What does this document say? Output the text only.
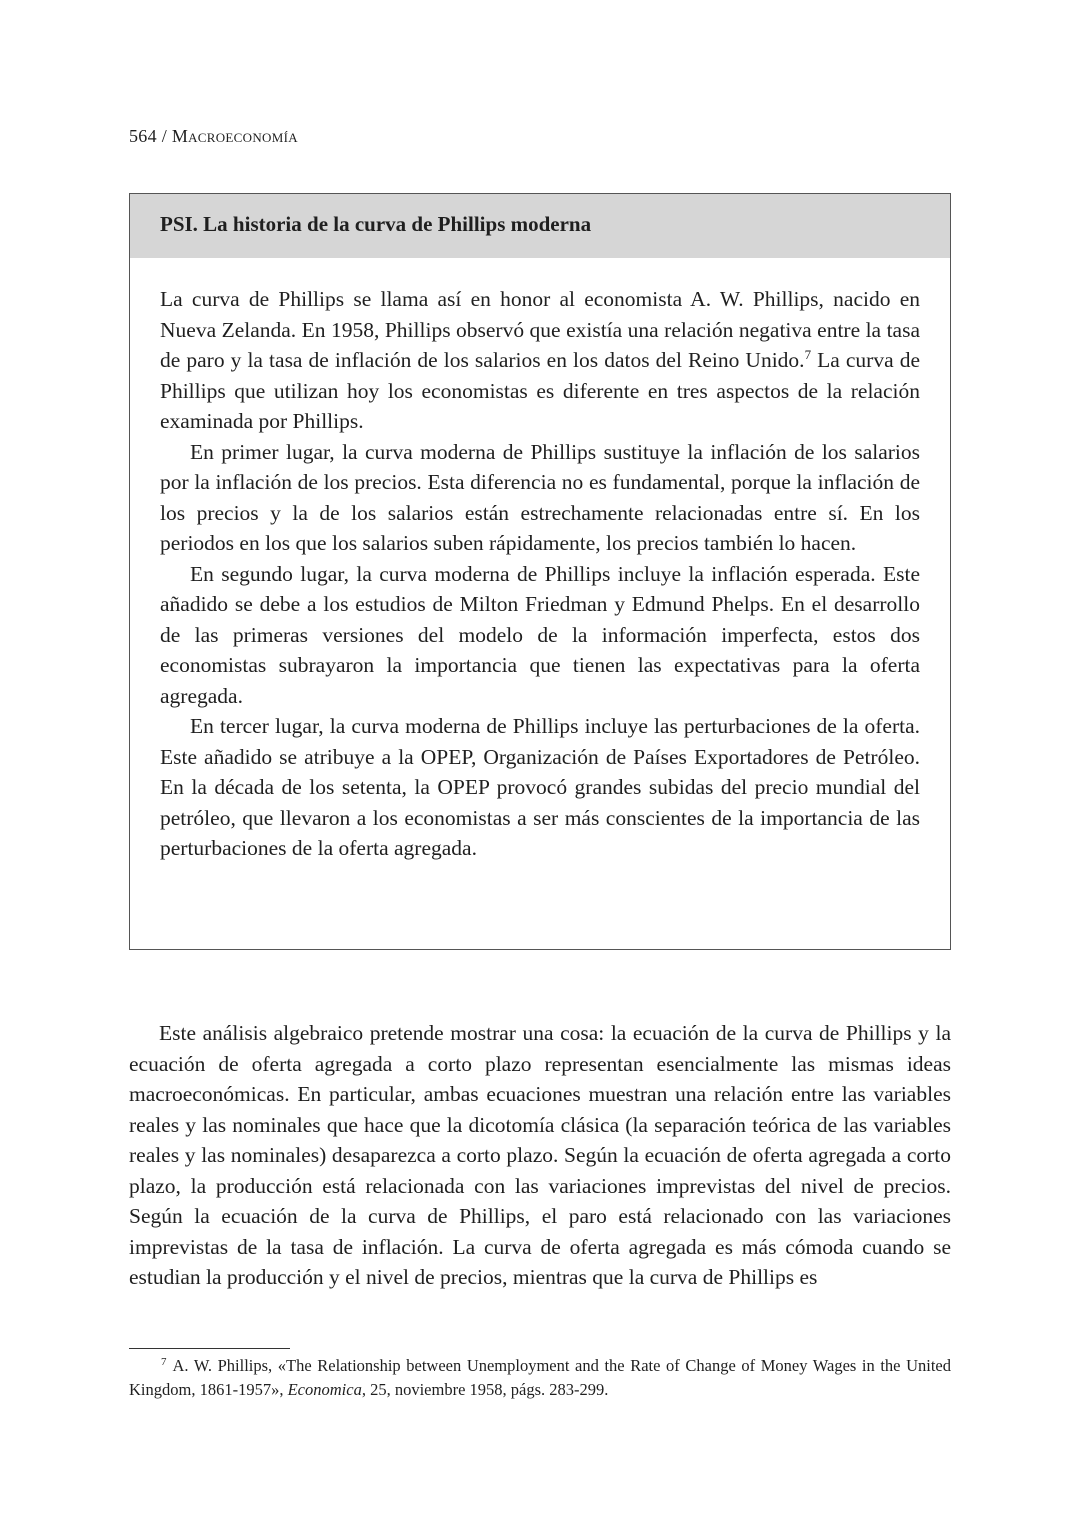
564 / Macroeconomía
PSI. La historia de la curva de Phillips moderna

La curva de Phillips se llama así en honor al economista A. W. Phillips, nacido en Nueva Zelanda. En 1958, Phillips observó que existía una relación negativa entre la tasa de paro y la tasa de inflación de los salarios en los datos del Reino Unido.$^7$ La curva de Phillips que utilizan hoy los economistas es diferente en tres aspectos de la relación examinada por Phillips.

En primer lugar, la curva moderna de Phillips sustituye la inflación de los salarios por la inflación de los precios. Esta diferencia no es fundamental, porque la inflación de los precios y la de los salarios están estrechamente relacionadas entre sí. En los periodos en los que los salarios suben rápidamente, los precios también lo hacen.

En segundo lugar, la curva moderna de Phillips incluye la inflación esperada. Este añadido se debe a los estudios de Milton Friedman y Edmund Phelps. En el desarrollo de las primeras versiones del modelo de la información imperfecta, estos dos economistas subrayaron la importancia que tienen las expectativas para la oferta agregada.

En tercer lugar, la curva moderna de Phillips incluye las perturbaciones de la oferta. Este añadido se atribuye a la OPEP, Organización de Países Exportadores de Petróleo. En la década de los setenta, la OPEP provocó grandes subidas del precio mundial del petróleo, que llevaron a los economistas a ser más conscientes de la importancia de las perturbaciones de la oferta agregada.

Este análisis algebraico pretende mostrar una cosa: la ecuación de la curva de Phillips y la ecuación de oferta agregada a corto plazo representan esencialmente las mismas ideas macroeconómicas. En particular, ambas ecuaciones muestran una relación entre las variables reales y las nominales que hace que la dicotomía clásica (la separación teórica de las variables reales y las nominales) desaparezca a corto plazo. Según la ecuación de oferta agregada a corto plazo, la producción está relacionada con las variaciones imprevistas del nivel de precios. Según la ecuación de la curva de Phillips, el paro está relacionado con las variaciones imprevistas de la tasa de inflación. La curva de oferta agregada es más cómoda cuando se estudian la producción y el nivel de precios, mientras que la curva de Phillips es

$^7$ A. W. Phillips, «The Relationship between Unemployment and the Rate of Change of Money Wages in the United Kingdom, 1861-1957», Economica, 25, noviembre 1958, págs. 283-299.
